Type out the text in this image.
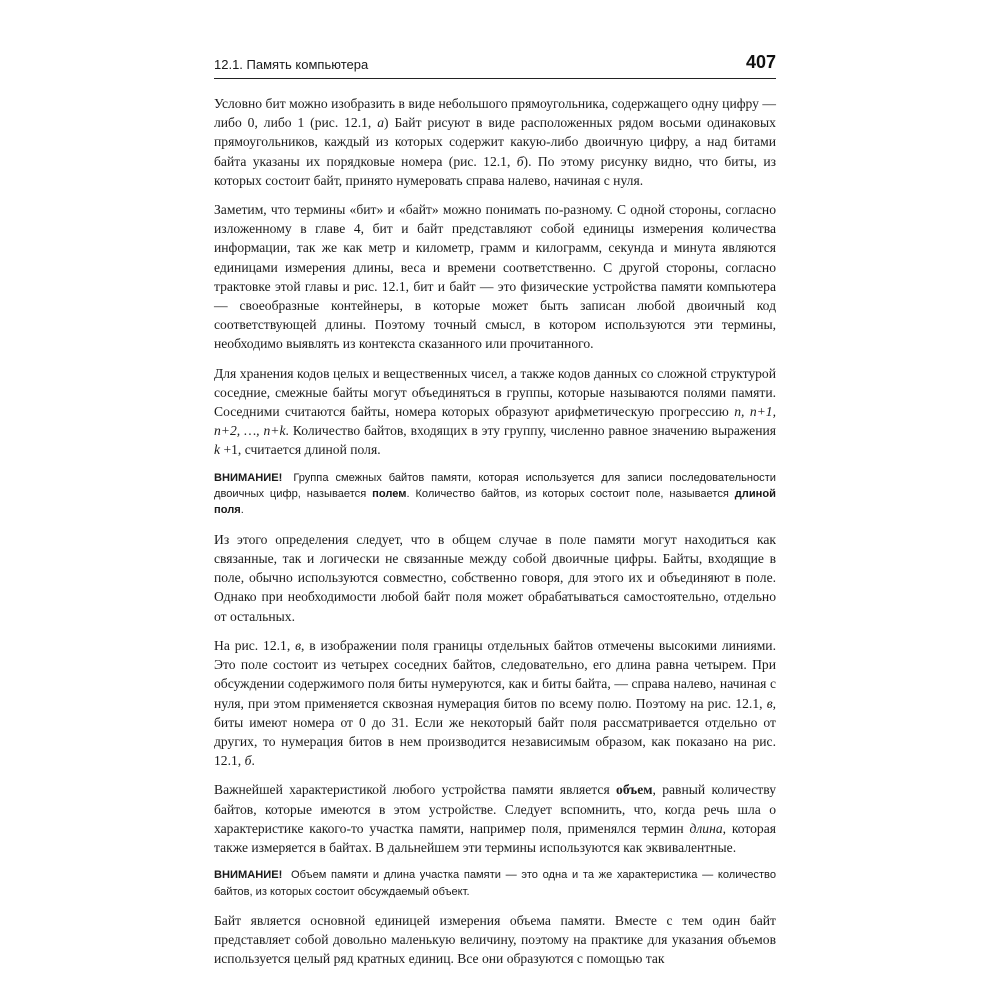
12.1. Память компьютера	407

Условно бит можно изобразить в виде небольшого прямоугольника, содержащего одну цифру — либо 0, либо 1 (рис. 12.1, а) Байт рисуют в виде расположенных рядом восьми одинаковых прямоугольников, каждый из которых содержит какую-либо двоичную цифру, а над битами байта указаны их порядковые номера (рис. 12.1, б). По этому рисунку видно, что биты, из которых состоит байт, принято нумеровать справа налево, начиная с нуля.

Заметим, что термины «бит» и «байт» можно понимать по-разному. С одной стороны, согласно изложенному в главе 4, бит и байт представляют собой единицы измерения количества информации, так же как метр и километр, грамм и килограмм, секунда и минута являются единицами измерения длины, веса и времени соответственно. С другой стороны, согласно трактовке этой главы и рис. 12.1, бит и байт — это физические устройства памяти компьютера — своеобразные контейнеры, в которые может быть записан любой двоичный код соответствующей длины. Поэтому точный смысл, в котором используются эти термины, необходимо выявлять из контекста сказанного или прочитанного.

Для хранения кодов целых и вещественных чисел, а также кодов данных со сложной структурой соседние, смежные байты могут объединяться в группы, которые называются полями памяти. Соседними считаются байты, номера которых образуют арифметическую прогрессию n, n+1, n+2, …, n+k. Количество байтов, входящих в эту группу, численно равное значению выражения k +1, считается длиной поля.

ВНИМАНИЕ! Группа смежных байтов памяти, которая используется для записи последовательности двоичных цифр, называется полем. Количество байтов, из которых состоит поле, называется длиной поля.

Из этого определения следует, что в общем случае в поле памяти могут находиться как связанные, так и логически не связанные между собой двоичные цифры. Байты, входящие в поле, обычно используются совместно, собственно говоря, для этого их и объединяют в поле. Однако при необходимости любой байт поля может обрабатываться самостоятельно, отдельно от остальных.

На рис. 12.1, в, в изображении поля границы отдельных байтов отмечены высокими линиями. Это поле состоит из четырех соседних байтов, следовательно, его длина равна четырем. При обсуждении содержимого поля биты нумеруются, как и биты байта, — справа налево, начиная с нуля, при этом применяется сквозная нумерация битов по всему полю. Поэтому на рис. 12.1, в, биты имеют номера от 0 до 31. Если же некоторый байт поля рассматривается отдельно от других, то нумерация битов в нем производится независимым образом, как показано на рис. 12.1, б.

Важнейшей характеристикой любого устройства памяти является объем, равный количеству байтов, которые имеются в этом устройстве. Следует вспомнить, что, когда речь шла о характеристике какого-то участка памяти, например поля, применялся термин длина, которая также измеряется в байтах. В дальнейшем эти термины используются как эквивалентные.

ВНИМАНИЕ! Объем памяти и длина участка памяти — это одна и та же характеристика — количество байтов, из которых состоит обсуждаемый объект.

Байт является основной единицей измерения объема памяти. Вместе с тем один байт представляет собой довольно маленькую величину, поэтому на практике для указания объемов используется целый ряд кратных единиц. Все они образуются с помощью так
